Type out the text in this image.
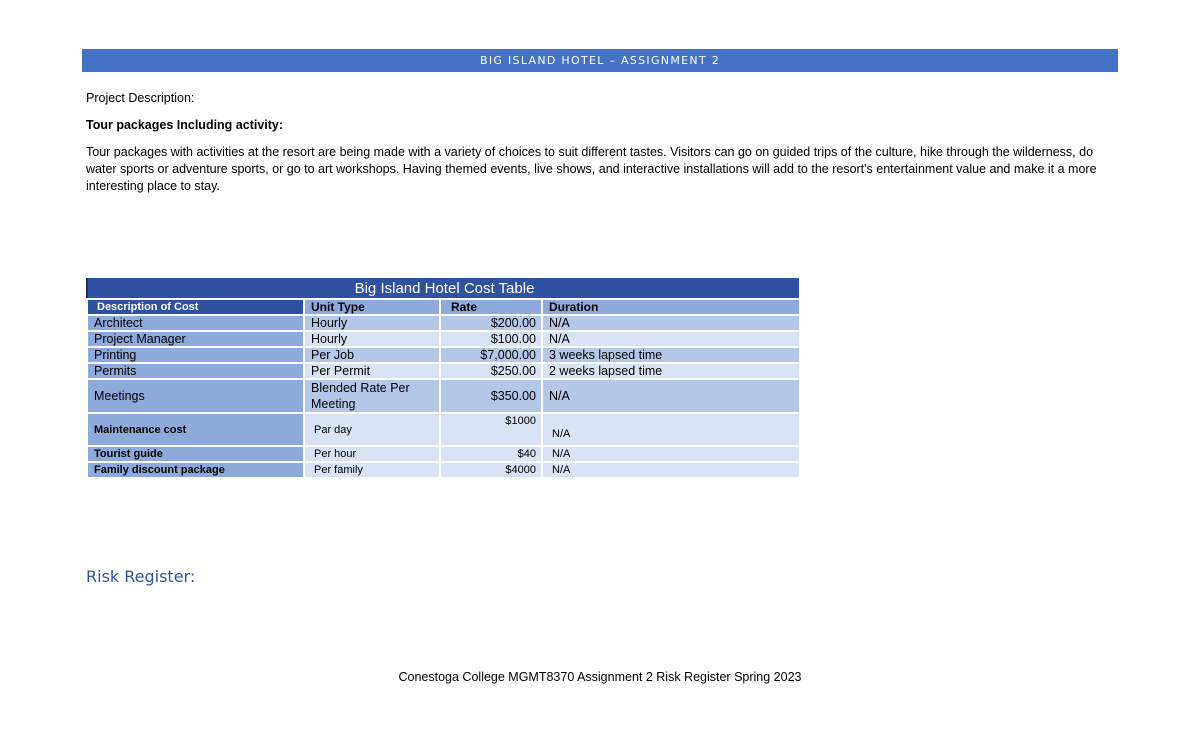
BIG ISLAND HOTEL – ASSIGNMENT 2
Project Description:
Tour packages Including activity:
Tour packages with activities at the resort are being made with a variety of choices to suit different tastes. Visitors can go on guided trips of the culture, hike through the wilderness, do water sports or adventure sports, or go to art workshops. Having themed events, live shows, and interactive installations will add to the resort's entertainment value and make it a more interesting place to stay.
Big Island Hotel Cost Table			
Description of Cost	Unit Type	Rate	Duration
Architect	Hourly	$200.00	N/A
Project Manager	Hourly	$100.00	N/A
Printing	Per Job	$7,000.00	3 weeks lapsed time
Permits	Per Permit	$250.00	2 weeks lapsed time
Meetings	Blended Rate Per Meeting	$350.00	N/A
Maintenance cost	Par day	$1000	N/A
Tourist guide	Per hour	$40	N/A
Family discount package	Per family	$4000	N/A
Risk Register:
Conestoga College MGMT8370 Assignment 2 Risk Register Spring 2023
